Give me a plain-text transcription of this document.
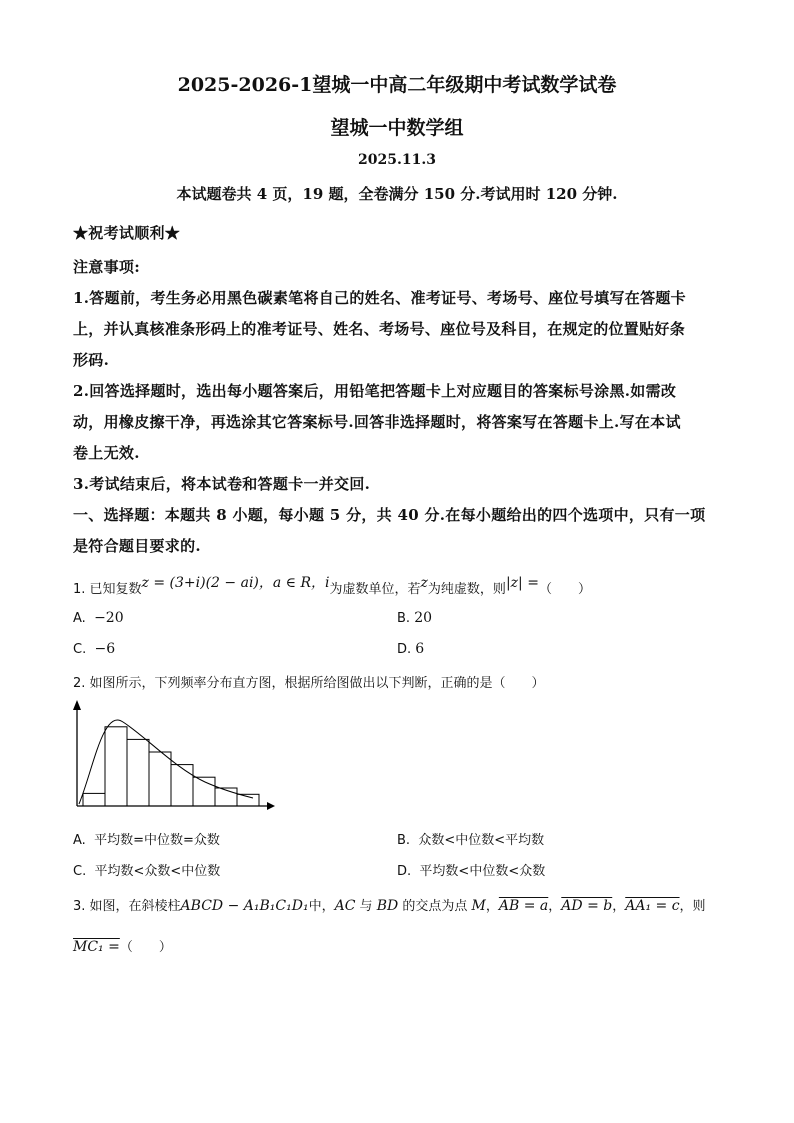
2025-2026-1望城一中高二年级期中考试数学试卷
望城一中数学组
2025.11.3
本试题卷共 4 页，19 题，全卷满分 150 分.考试用时 120 分钟.
★祝考试顺利★
注意事项:
1.答题前，考生务必用黑色碳素笔将自己的姓名、准考证号、考场号、座位号填写在答题卡
上，并认真核准条形码上的准考证号、姓名、考场号、座位号及科目，在规定的位置贴好条
形码.
2.回答选择题时，选出每小题答案后，用铅笔把答题卡上对应题目的答案标号涂黑.如需改
动，用橡皮擦干净，再选涂其它答案标号.回答非选择题时，将答案写在答题卡上.写在本试
卷上无效.
3.考试结束后，将本试卷和答题卡一并交回.
一、选择题：本题共 8 小题，每小题 5 分，共 40 分.在每小题给出的四个选项中，只有一项
是符合题目要求的.
1. 已知复数z = (3+i)(2 − ai)，a ∈ R，i为虚数单位，若z为纯虚数，则|z| =（　　）
A. −20	B. 20
C. −6	D. 6
2. 如图所示，下列频率分布直方图，根据所给图做出以下判断，正确的是（　　）
A. 平均数=中位数=众数	B. 众数<中位数<平均数
C. 平均数<众数<中位数	D. 平均数<中位数<众数
3. 如图，在斜棱柱ABCD − A₁B₁C₁D₁中，AC 与 BD 的交点为点 M，AB = a，AD = b，AA₁ = c，则
MC₁ =（　　）
